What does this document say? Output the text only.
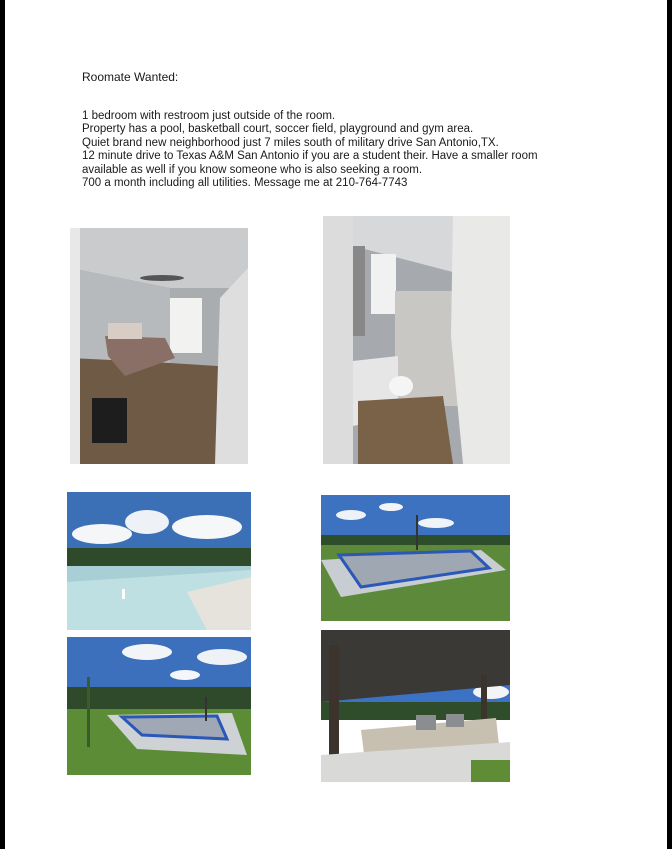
Roomate Wanted:
1 bedroom with restroom just outside of the room.
Property has a pool, basketball court, soccer field, playground and gym area.
Quiet brand new neighborhood just 7 miles south of military drive San Antonio,TX.
12 minute drive to Texas A&M San Antonio if you are a student their. Have a smaller room
available as well if you know someone who is also seeking a room.
700 a month including all utilities. Message me at 210-764-7743
